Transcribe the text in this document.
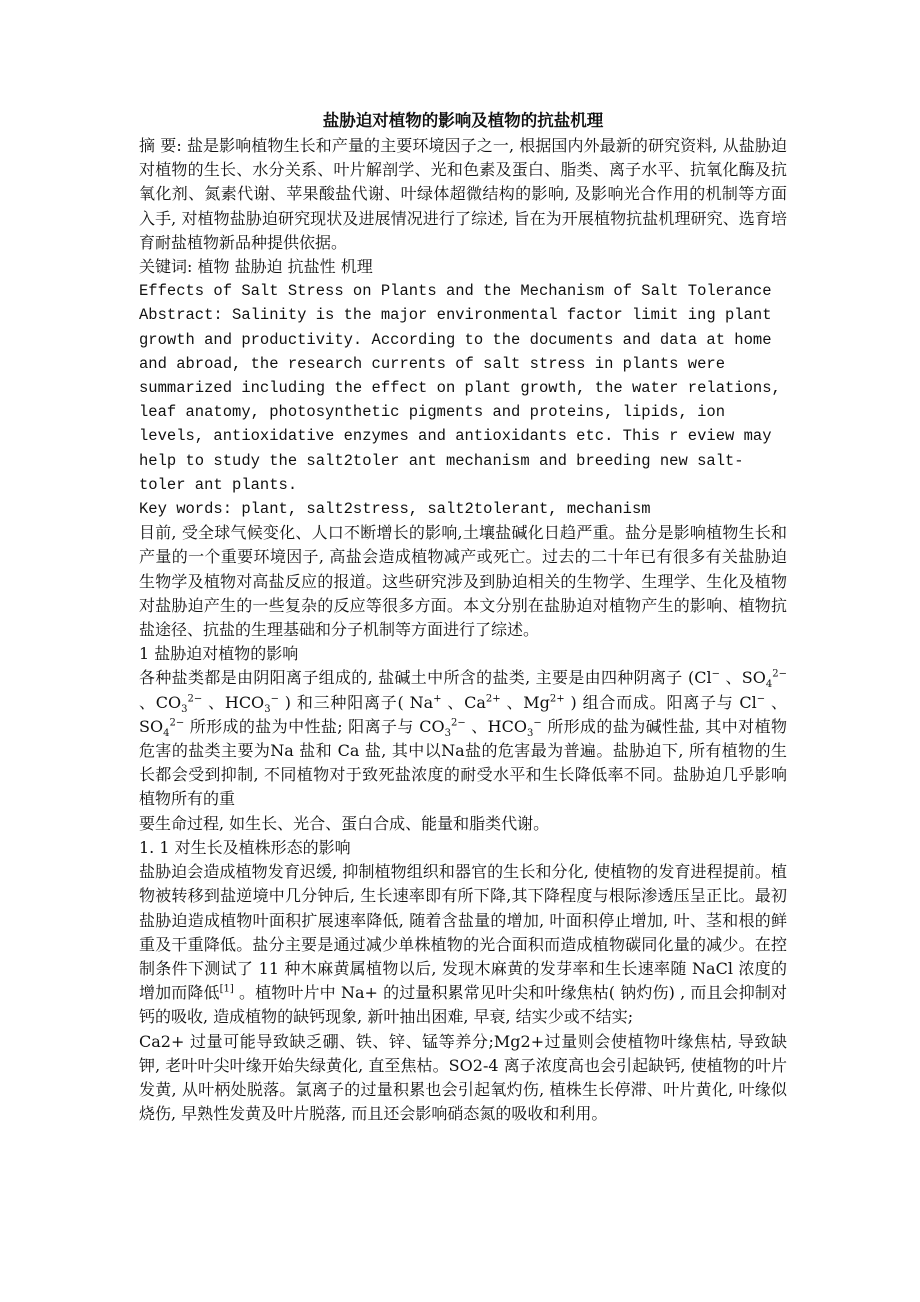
盐胁迫对植物的影响及植物的抗盐机理

摘 要: 盐是影响植物生长和产量的主要环境因子之一, 根据国内外最新的研究资料, 从盐胁迫对植物的生长、水分关系、叶片解剖学、光和色素及蛋白、脂类、离子水平、抗氧化酶及抗氧化剂、氮素代谢、苹果酸盐代谢、叶绿体超微结构的影响, 及影响光合作用的机制等方面入手, 对植物盐胁迫研究现状及进展情况进行了综述, 旨在为开展植物抗盐机理研究、选育培育耐盐植物新品种提供依据。

关键词: 植物 盐胁迫 抗盐性 机理

Effects of Salt Stress on Plants and the Mechanism of Salt Tolerance

Abstract: Salinity is the major environmental factor limit ing plant growth and productivity. According to the documents and data at home and abroad, the research currents of salt stress in plants were summarized including the effect on plant growth, the water relations, leaf anatomy, photosynthetic pigments and proteins, lipids, ion levels, antioxidative enzymes and antioxidants etc. This r eview may help to study the salt2toler ant mechanism and breeding new salt-toler ant plants.

Key words: plant, salt2stress, salt2tolerant, mechanism

目前, 受全球气候变化、人口不断增长的影响,土壤盐碱化日趋严重。盐分是影响植物生长和产量的一个重要环境因子, 高盐会造成植物减产或死亡。过去的二十年已有很多有关盐胁迫生物学及植物对高盐反应的报道。这些研究涉及到胁迫相关的生物学、生理学、生化及植物对盐胁迫产生的一些复杂的反应等很多方面。本文分别在盐胁迫对植物产生的影响、植物抗盐途径、抗盐的生理基础和分子机制等方面进行了综述。

1 盐胁迫对植物的影响

各种盐类都是由阴阳离子组成的, 盐碱土中所含的盐类, 主要是由四种阴离子 (Cl− 、$SO_4^{2-}$ 、$CO_3^{2-}$ 、$HCO_3^-$ ) 和三种阳离子( Na+ 、$Ca^{2+}$ 、$Mg^{2+}$ ) 组合而成。阳离子与 Cl− 、$SO_4^{2-}$ 所形成的盐为中性盐; 阳离子与 $CO_3^{2-}$ 、$HCO_3^-$ 所形成的盐为碱性盐, 其中对植物危害的盐类主要为Na 盐和 Ca 盐, 其中以Na盐的危害最为普遍。盐胁迫下, 所有植物的生长都会受到抑制, 不同植物对于致死盐浓度的耐受水平和生长降低率不同。盐胁迫几乎影响植物所有的重

要生命过程, 如生长、光合、蛋白合成、能量和脂类代谢。

1. 1 对生长及植株形态的影响

盐胁迫会造成植物发育迟缓, 抑制植物组织和器官的生长和分化, 使植物的发育进程提前。植物被转移到盐逆境中几分钟后, 生长速率即有所下降,其下降程度与根际渗透压呈正比。最初盐胁迫造成植物叶面积扩展速率降低, 随着含盐量的增加, 叶面积停止增加, 叶、茎和根的鲜重及干重降低。盐分主要是通过减少单株植物的光合面积而造成植物碳同化量的减少。在控制条件下测试了 11 种木麻黄属植物以后, 发现木麻黄的发芽率和生长速率随 NaCl 浓度的增加而降低[1] 。植物叶片中 Na+ 的过量积累常见叶尖和叶缘焦枯( 钠灼伤) , 而且会抑制对钙的吸收, 造成植物的缺钙现象, 新叶抽出困难, 早衰, 结实少或不结实;

Ca2+ 过量可能导致缺乏硼、铁、锌、锰等养分;Mg2+过量则会使植物叶缘焦枯, 导致缺钾, 老叶叶尖叶缘开始失绿黄化, 直至焦枯。SO2-4 离子浓度高也会引起缺钙, 使植物的叶片发黄, 从叶柄处脱落。氯离子的过量积累也会引起氧灼伤, 植株生长停滞、叶片黄化, 叶缘似烧伤, 早熟性发黄及叶片脱落, 而且还会影响硝态氮的吸收和利用。
